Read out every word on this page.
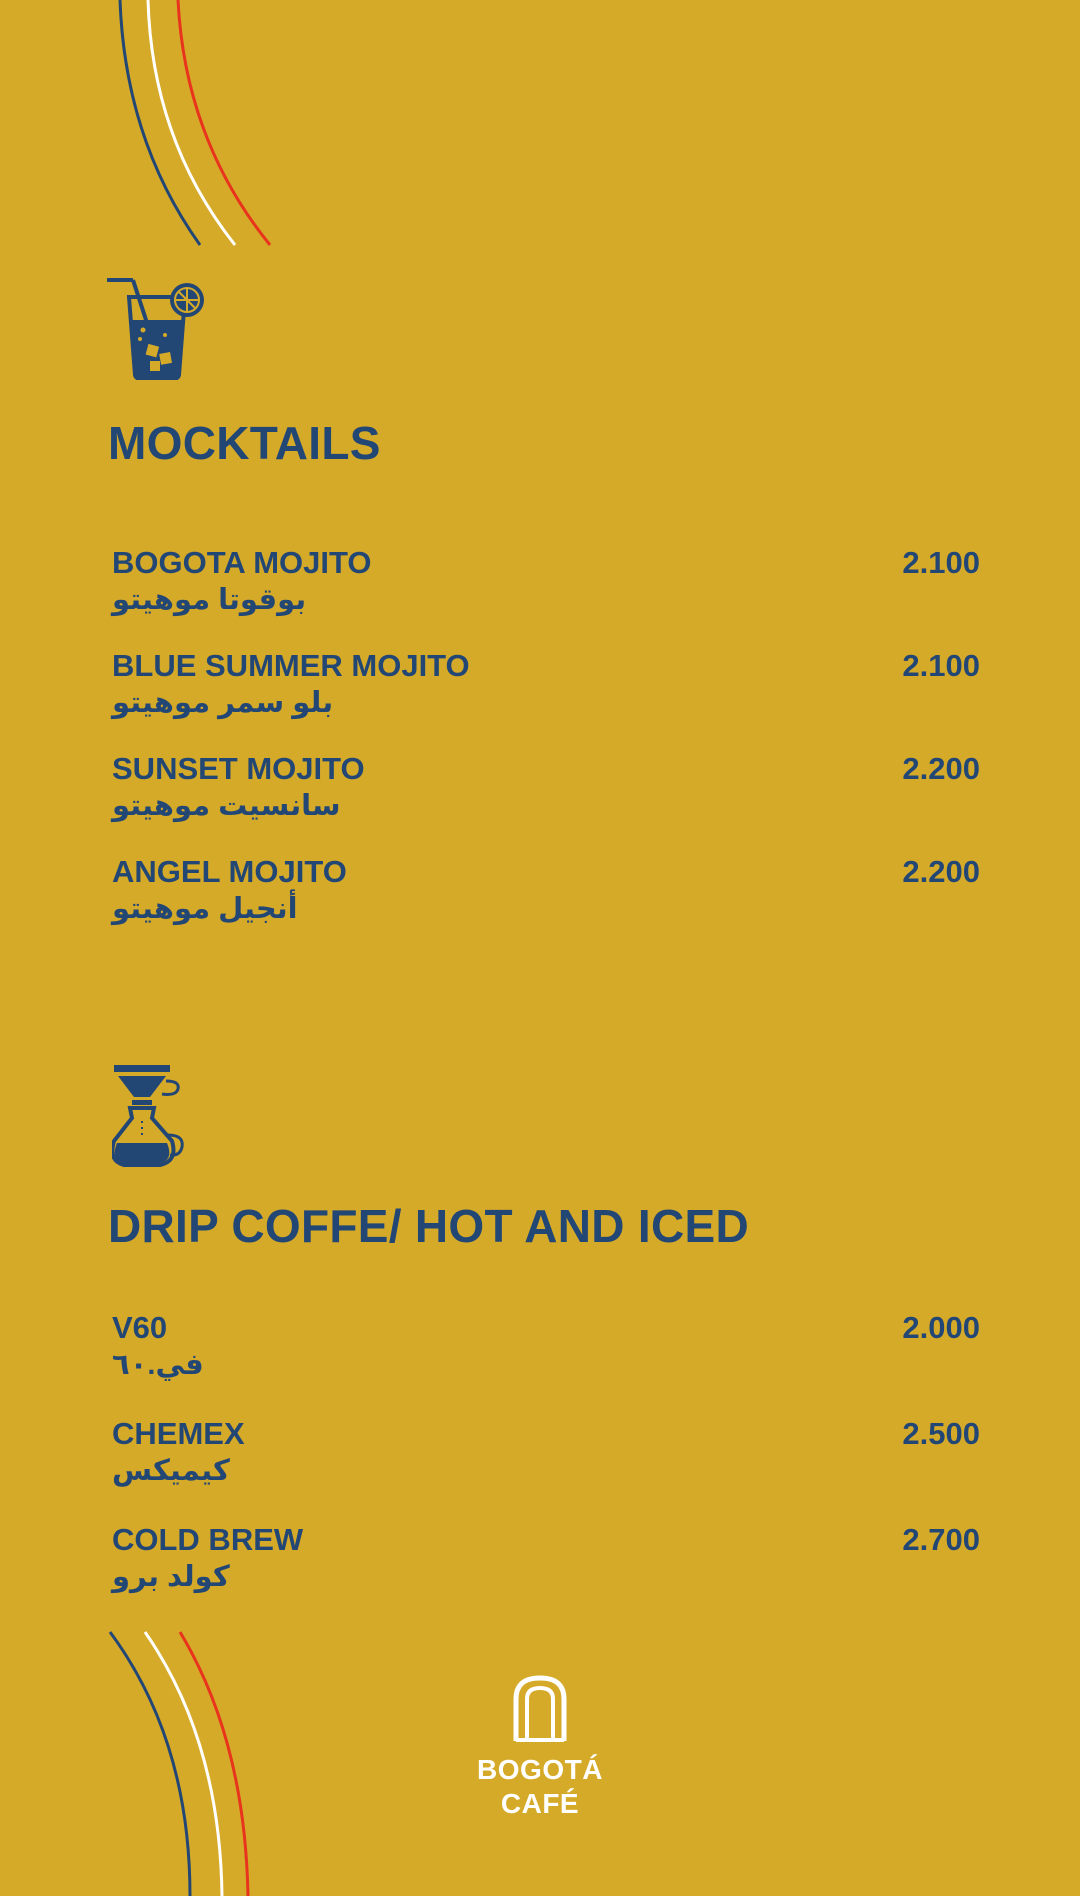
MOCKTAILS
BOGOTA MOJITO
بوقوتا موهيتو
2.100
BLUE SUMMER MOJITO
بلو سمر موهيتو
2.100
SUNSET MOJITO
سانسيت موهيتو
2.200
ANGEL MOJITO
أنجيل موهيتو
2.200
DRIP COFFE/ HOT AND ICED
V60
في.٦٠
2.000
CHEMEX
كيميكس
2.500
COLD BREW
كولد برو
2.700
BOGOTÁ
CAFÉ
